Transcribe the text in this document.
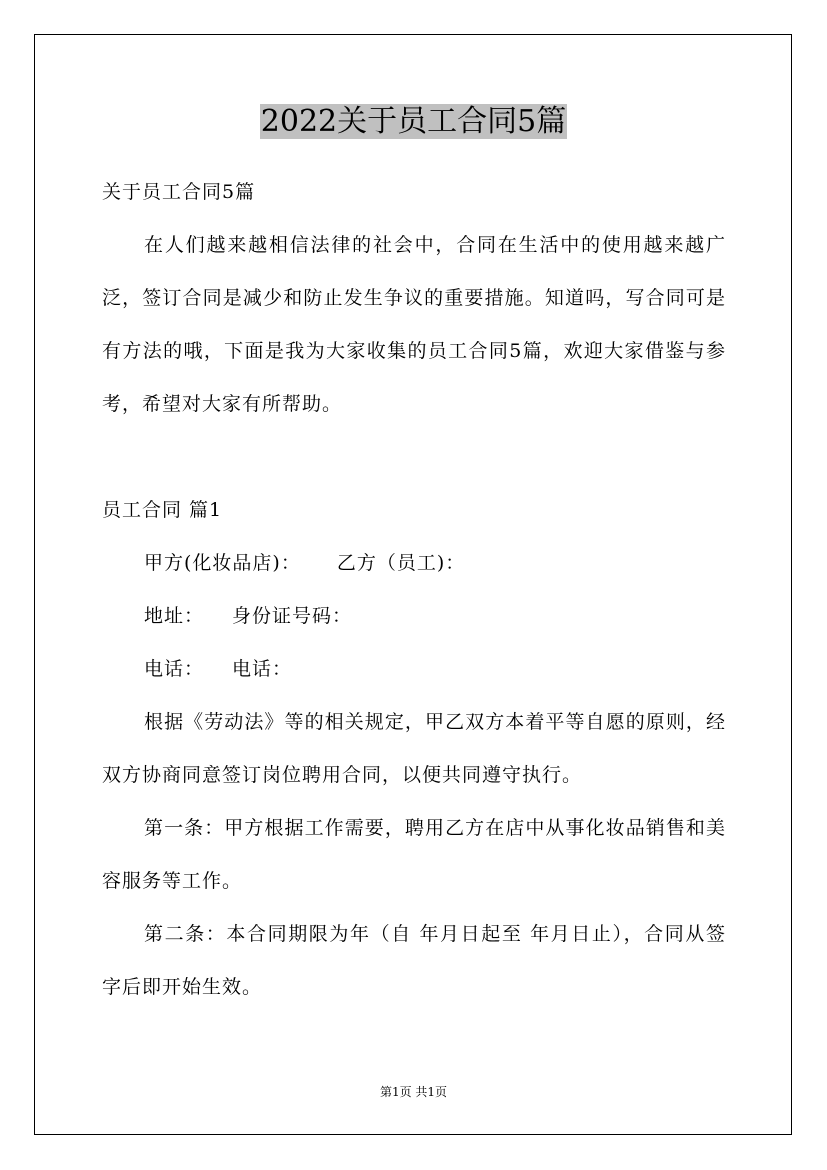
2022关于员工合同5篇

关于员工合同5篇

在人们越来越相信法律的社会中，合同在生活中的使用越来越广泛，签订合同是减少和防止发生争议的重要措施。知道吗，写合同可是有方法的哦，下面是我为大家收集的员工合同5篇，欢迎大家借鉴与参考，希望对大家有所帮助。

员工合同 篇1

甲方(化妆品店)： 乙方（员工)：

地址： 身份证号码：

电话： 电话：

根据《劳动法》等的相关规定，甲乙双方本着平等自愿的原则，经双方协商同意签订岗位聘用合同，以便共同遵守执行。

第一条：甲方根据工作需要，聘用乙方在店中从事化妆品销售和美容服务等工作。

第二条：本合同期限为年（自 年月日起至 年月日止），合同从签字后即开始生效。

第1页 共1页
